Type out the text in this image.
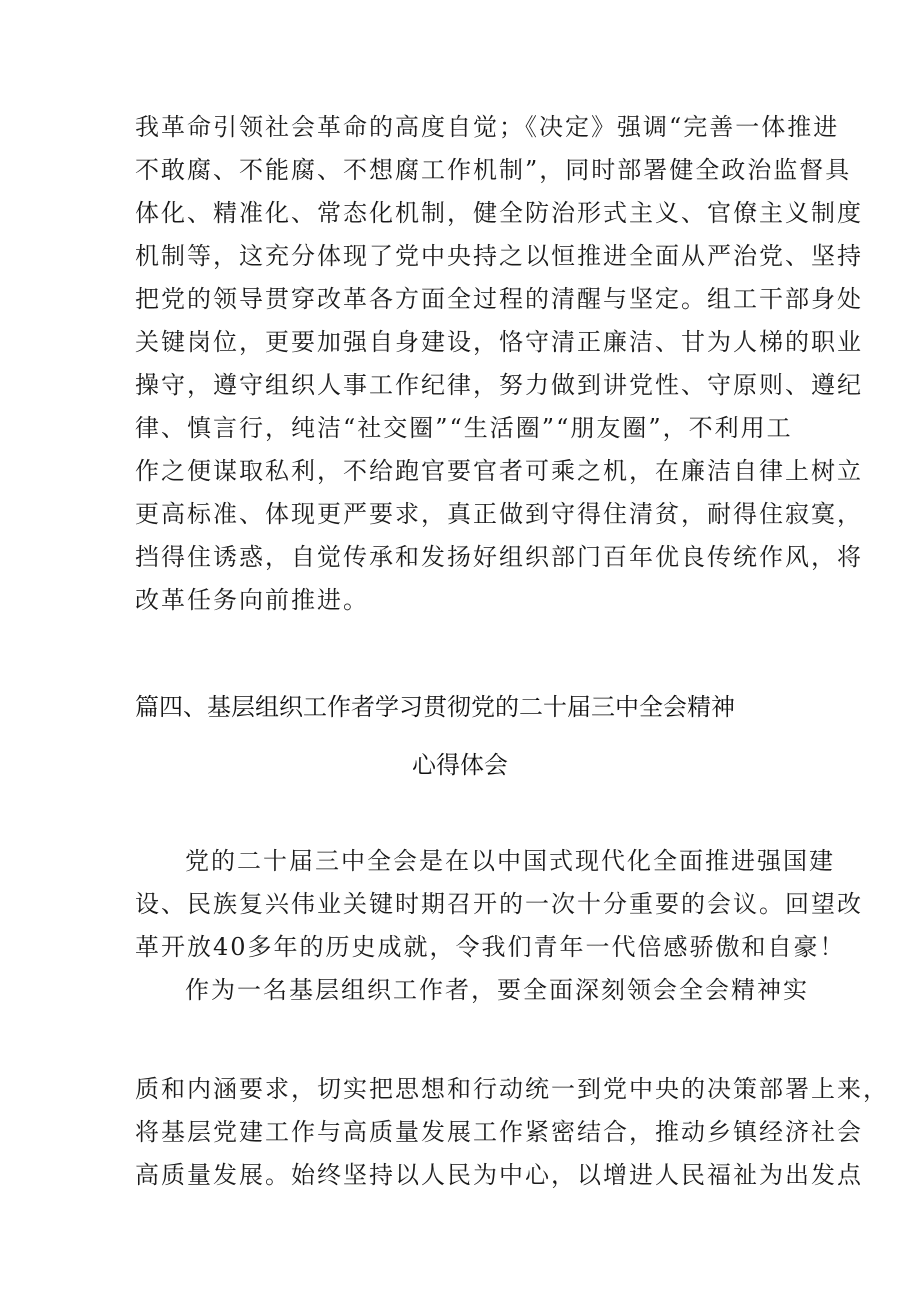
我革命引领社会革命的高度自觉；《决定》强调“完善一体推进
不敢腐、不能腐、不想腐工作机制”，同时部署健全政治监督具
体化、精准化、常态化机制，健全防治形式主义、官僚主义制度
机制等，这充分体现了党中央持之以恒推进全面从严治党、坚持
把党的领导贯穿改革各方面全过程的清醒与坚定。组工干部身处
关键岗位，更要加强自身建设，恪守清正廉洁、甘为人梯的职业
操守，遵守组织人事工作纪律，努力做到讲党性、守原则、遵纪
律、慎言行，纯洁“社交圈”“生活圈”“朋友圈”，不利用工
作之便谋取私利，不给跑官要官者可乘之机，在廉洁自律上树立
更高标准、体现更严要求，真正做到守得住清贫，耐得住寂寞，
挡得住诱惑，自觉传承和发扬好组织部门百年优良传统作风，将
改革任务向前推进。
篇四、基层组织工作者学习贯彻党的二十届三中全会精神
心得体会
党的二十届三中全会是在以中国式现代化全面推进强国建
设、民族复兴伟业关键时期召开的一次十分重要的会议。回望改
革开放40多年的历史成就，令我们青年一代倍感骄傲和自豪！
作为一名基层组织工作者，要全面深刻领会全会精神实
质和内涵要求，切实把思想和行动统一到党中央的决策部署上来，
将基层党建工作与高质量发展工作紧密结合，推动乡镇经济社会
高质量发展。始终坚持以人民为中心，以增进人民福祉为出发点
